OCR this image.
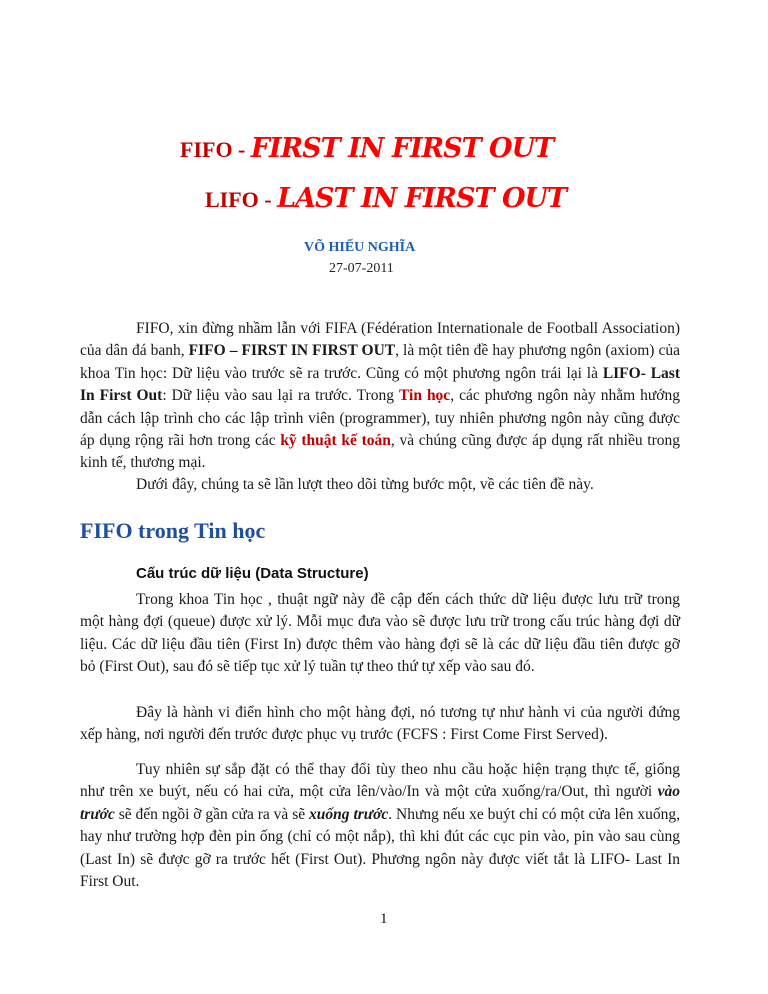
FIFO - FIRST IN FIRST OUT
LIFO - LAST IN FIRST OUT
VÕ HIẾU NGHĨA
27-07-2011
FIFO, xin đừng nhầm lẫn với FIFA (Fédération Internationale de Football Association) của dân đá banh, FIFO – FIRST IN FIRST OUT, là một tiên đề hay phương ngôn (axiom) của khoa Tin học: Dữ liệu vào trước sẽ ra trước. Cũng có một phương ngôn trái lại là LIFO- Last In First Out: Dữ liệu vào sau lại ra trước. Trong Tin học, các phương ngôn này nhằm hướng dẫn cách lập trình cho các lập trình viên (programmer), tuy nhiên phương ngôn này cũng được áp dụng rộng rãi hơn trong các kỹ thuật kế toán, và chúng cũng được áp dụng rất nhiều trong kinh tế, thương mại.
Dưới đây, chúng ta sẽ lần lượt theo dõi từng bước một, về các tiên đề này.
FIFO trong Tin học
Cấu trúc dữ liệu (Data Structure)
Trong khoa Tin học , thuật ngữ này đề cập đến cách thức dữ liệu được lưu trữ trong một hàng đợi (queue) được xử lý. Mỗi mục đưa vào sẽ được lưu trữ trong cấu trúc hàng đợi dữ liệu. Các dữ liệu đầu tiên (First In) được thêm vào hàng đợi sẽ là các dữ liệu đầu tiên được gỡ bỏ (First Out), sau đó sẽ tiếp tục xử lý tuần tự theo thứ tự xếp vào sau đó.
Đây là hành vi điển hình cho một hàng đợi, nó tương tự như hành vi của người đứng xếp hàng, nơi người đến trước được phục vụ trước (FCFS : First Come First Served).
Tuy nhiên sự sắp đặt có thể thay đổi tùy theo nhu cầu hoặc hiện trạng thực tế, giống như trên xe buýt, nếu có hai cửa, một cửa lên/vào/In và một cửa xuống/ra/Out, thì người vào trước sẽ đến ngồi ỡ gần cửa ra và sẽ xuống trước. Nhưng nếu xe buýt chỉ có một cửa lên xuống, hay như trường hợp đèn pin ống (chỉ có một nắp), thì khi đút các cục pin vào, pin vào sau cùng (Last In) sẽ được gỡ ra trước hết (First Out). Phương ngôn này được viết tắt là LIFO- Last In First Out.
1
